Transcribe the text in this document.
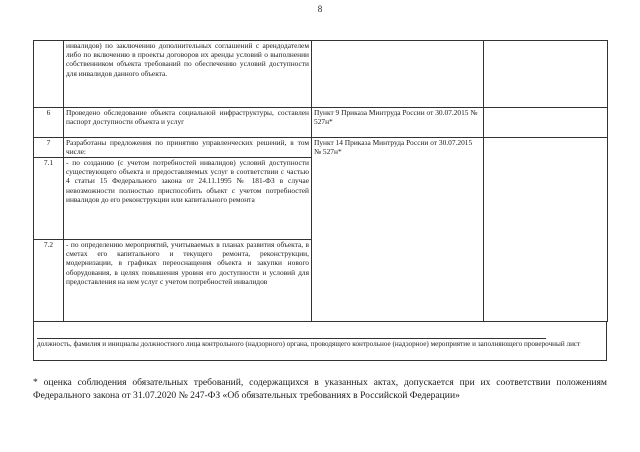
8
	инвалидов) по заключению дополнительных соглашений с арендодателем либо по включению в проекты договоров их аренды условий о выполнении собственником объекта требований по обеспечению условий доступности для инвалидов данного объекта.		
6	Проведено обследование объекта социальной инфраструктуры, составлен паспорт доступности объекта и услуг	Пункт 9 Приказа Минтруда России от 30.07.2015 № 527н*	
7	Разработаны предложения по принятию управленческих решений, в том числе:	Пункт 14 Приказа Минтруда России от 30.07.2015 № 527н*	
7.1	- по созданию (с учетом потребностей инвалидов) условий доступности существующего объекта и предоставляемых услуг в соответствии с частью 4 статьи 15 Федерального закона от 24.11.1995 № 181-ФЗ в случае невозможности полностью приспособить объект с учетом потребностей инвалидов до его реконструкции или капитального ремонта		
7.2	- по определению мероприятий, учитываемых в планах развития объекта, в сметах его капитального и текущего ремонта, реконструкции, модернизации, в графиках переоснащения объекта и закупки нового оборудования, в целях повышения уровня его доступности и условий для предоставления на нем услуг с учетом потребностей инвалидов		
должность, фамилия и инициалы должностного лица контрольного (надзорного) органа, проводящего контрольное (надзорное) мероприятие и заполняющего проверочный лист
* оценка соблюдения обязательных требований, содержащихся в указанных актах, допускается при их соответствии положениям Федерального закона от 31.07.2020 № 247-ФЗ «Об обязательных требованиях в Российской Федерации»
